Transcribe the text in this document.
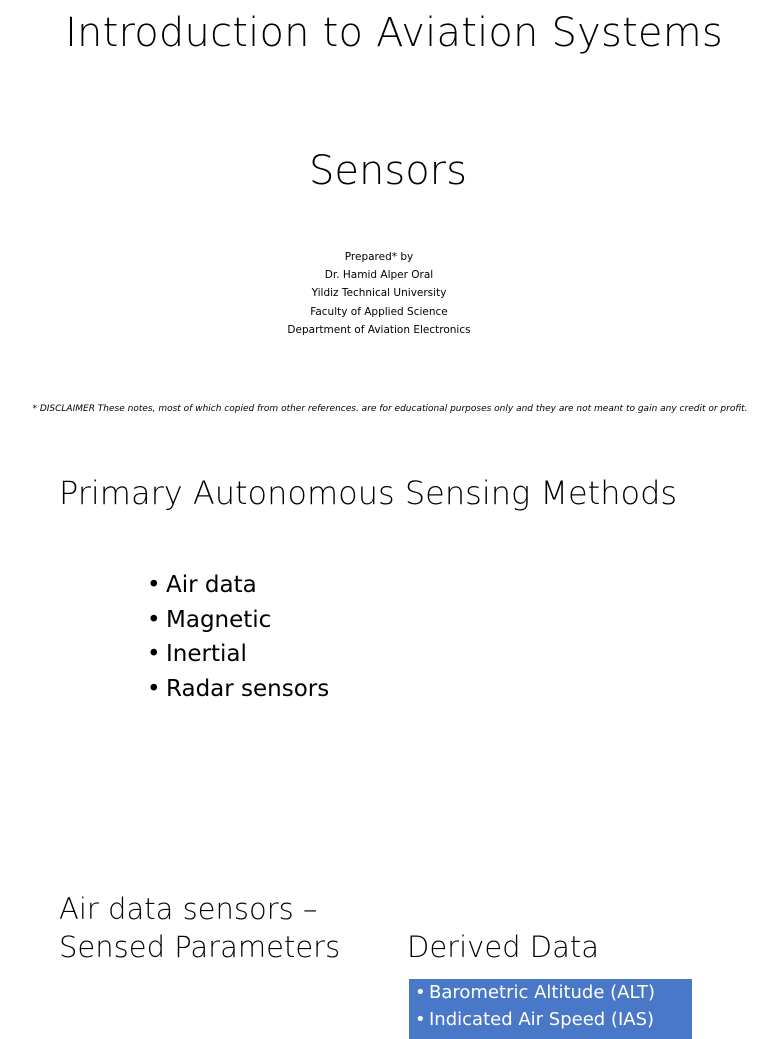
Introduction to Aviation Systems
Sensors
Prepared* by
Dr. Hamid Alper Oral
Yildiz Technical University
Faculty of Applied Science
Department of Aviation Electronics
* DISCLAIMER These notes, most of which copied from other references. are for educational purposes only and they are not meant to gain any credit or profit.
Primary Autonomous Sensing Methods
• Air data
• Magnetic
• Inertial
• Radar sensors
Air data sensors –
Sensed Parameters Derived Data
• Barometric Altitude (ALT)
• Indicated Air Speed (IAS)
